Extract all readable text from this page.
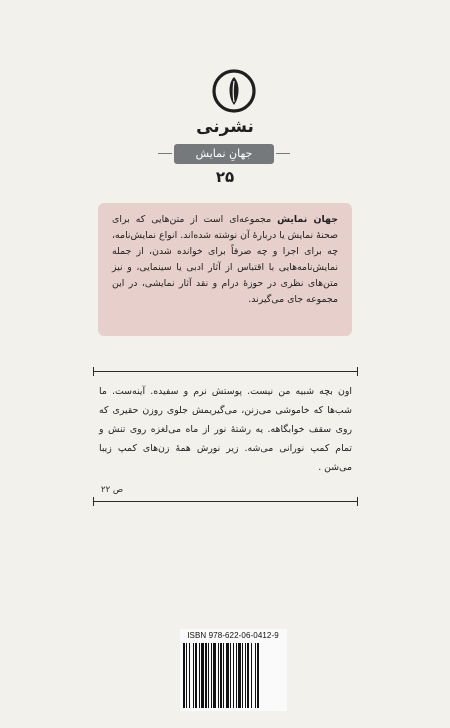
نشرنی
جهانِ نمایش
۲۵
جهان نمایش مجموعه‌ای است از متن‌هایی که برای صحنهٔ نمایش یا دربارهٔ آن نوشته شده‌اند. انواع نمایش‌نامه، چه برای اجرا و چه صرفاً برای خوانده شدن، از جمله نمایش‌نامه‌هایی با اقتباس از آثار ادبی یا سینمایی، و نیز متن‌های نظری در حوزهٔ درام و نقد آثار نمایشی، در این مجموعه جای می‌گیرند.

اون بچه شبیه من نیست. پوستش نرم و سفیده. آینه‌ست. ما شب‌ها که خاموشی می‌زنن، می‌گیریمش جلوی روزن حقیری که روی سقف خوابگاهه. یه رشتهٔ نور از ماه می‌لغزه روی تنش و تمام کمپ نورانی می‌شه. زیر نورش همهٔ زن‌های کمپ زیبا می‌شن .

ص ۲۲
ISBN 978-622-06-0412-9
